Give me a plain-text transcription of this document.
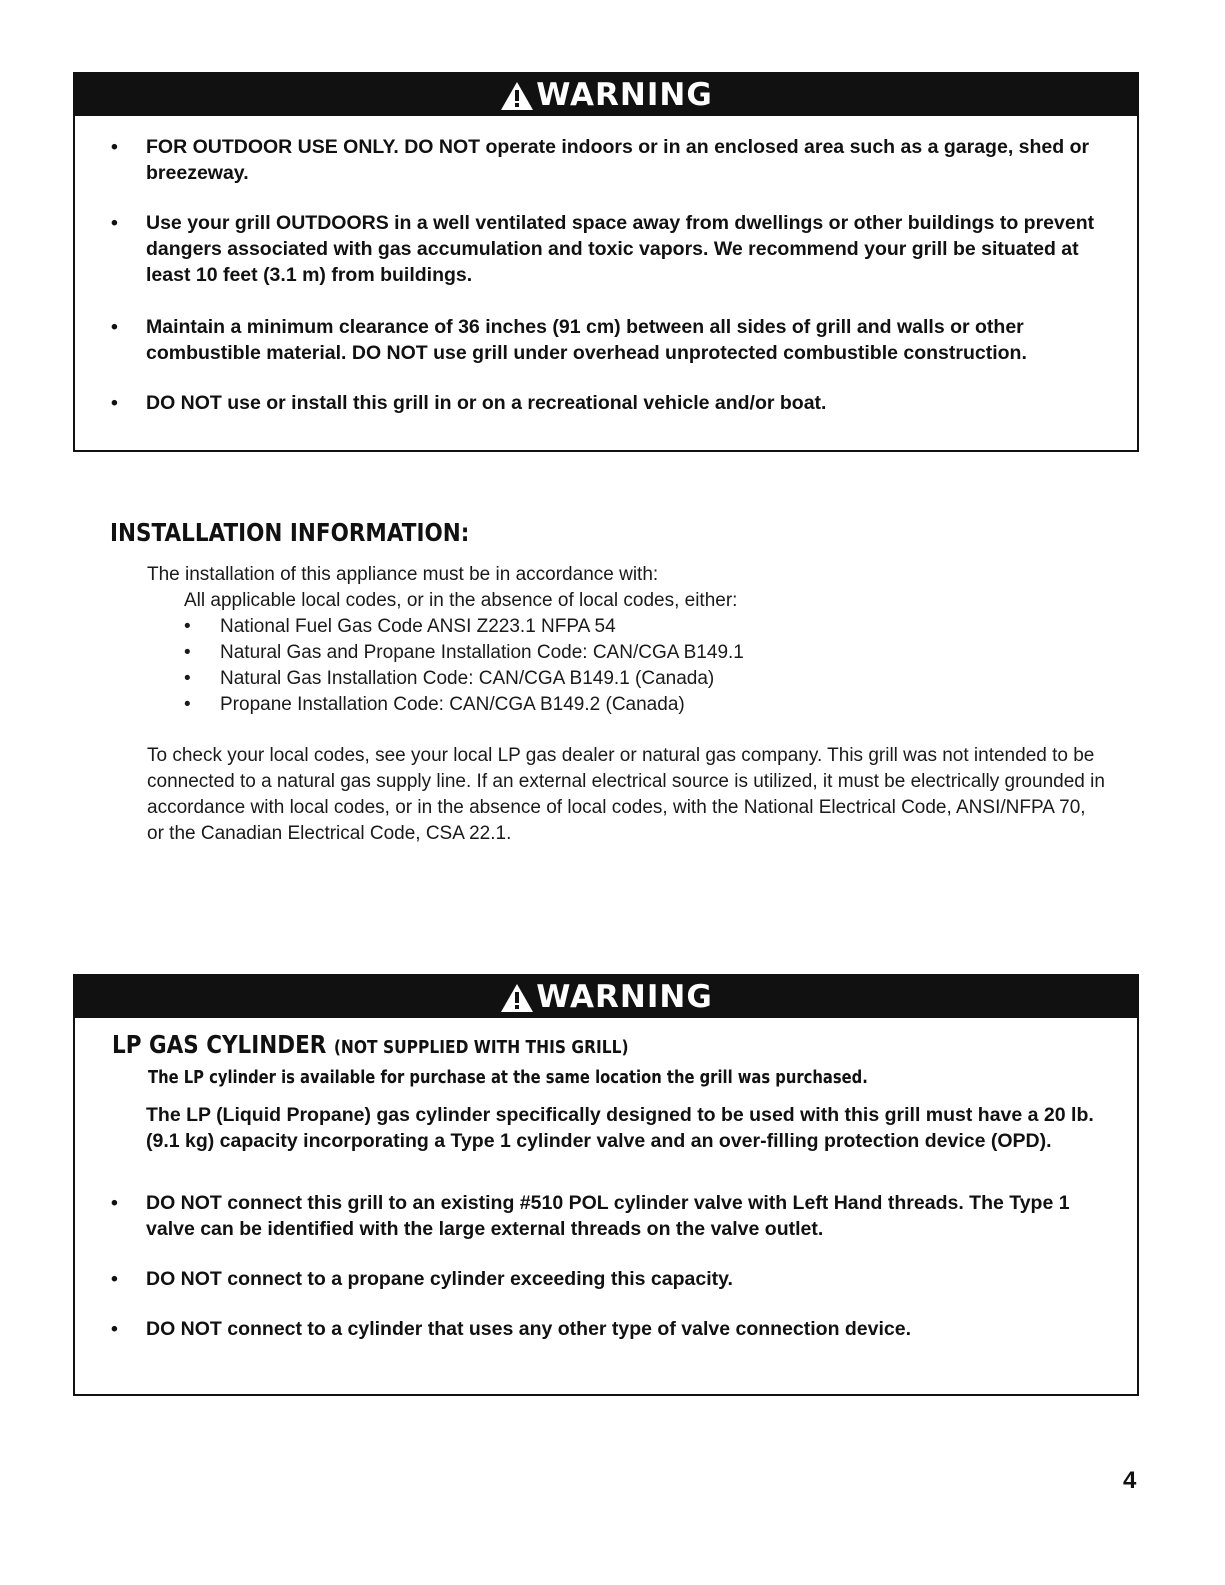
WARNING
• FOR OUTDOOR USE ONLY. DO NOT operate indoors or in an enclosed area such as a garage, shed or breezeway.
• Use your grill OUTDOORS in a well ventilated space away from dwellings or other buildings to prevent dangers associated with gas accumulation and toxic vapors. We recommend your grill be situated at least 10 feet (3.1 m) from buildings.
• Maintain a minimum clearance of 36 inches (91 cm) between all sides of grill and walls or other combustible material. DO NOT use grill under overhead unprotected combustible construction.
• DO NOT use or install this grill in or on a recreational vehicle and/or boat.
INSTALLATION INFORMATION:

The installation of this appliance must be in accordance with:

All applicable local codes, or in the absence of local codes, either:

• National Fuel Gas Code ANSI Z223.1 NFPA 54
• Natural Gas and Propane Installation Code: CAN/CGA B149.1
• Natural Gas Installation Code: CAN/CGA B149.1 (Canada)
• Propane Installation Code: CAN/CGA B149.2 (Canada)

To check your local codes, see your local LP gas dealer or natural gas company. This grill was not intended to be connected to a natural gas supply line. If an external electrical source is utilized, it must be electrically grounded in accordance with local codes, or in the absence of local codes, with the National Electrical Code, ANSI/NFPA 70, or the Canadian Electrical Code, CSA 22.1.

WARNING
LP GAS CYLINDER (NOT SUPPLIED WITH THIS GRILL)
The LP cylinder is available for purchase at the same location the grill was purchased.

The LP (Liquid Propane) gas cylinder specifically designed to be used with this grill must have a 20 lb. (9.1 kg) capacity incorporating a Type 1 cylinder valve and an over-filling protection device (OPD).

• DO NOT connect this grill to an existing #510 POL cylinder valve with Left Hand threads. The Type 1 valve can be identified with the large external threads on the valve outlet.
• DO NOT connect to a propane cylinder exceeding this capacity.
• DO NOT connect to a cylinder that uses any other type of valve connection device.
4
